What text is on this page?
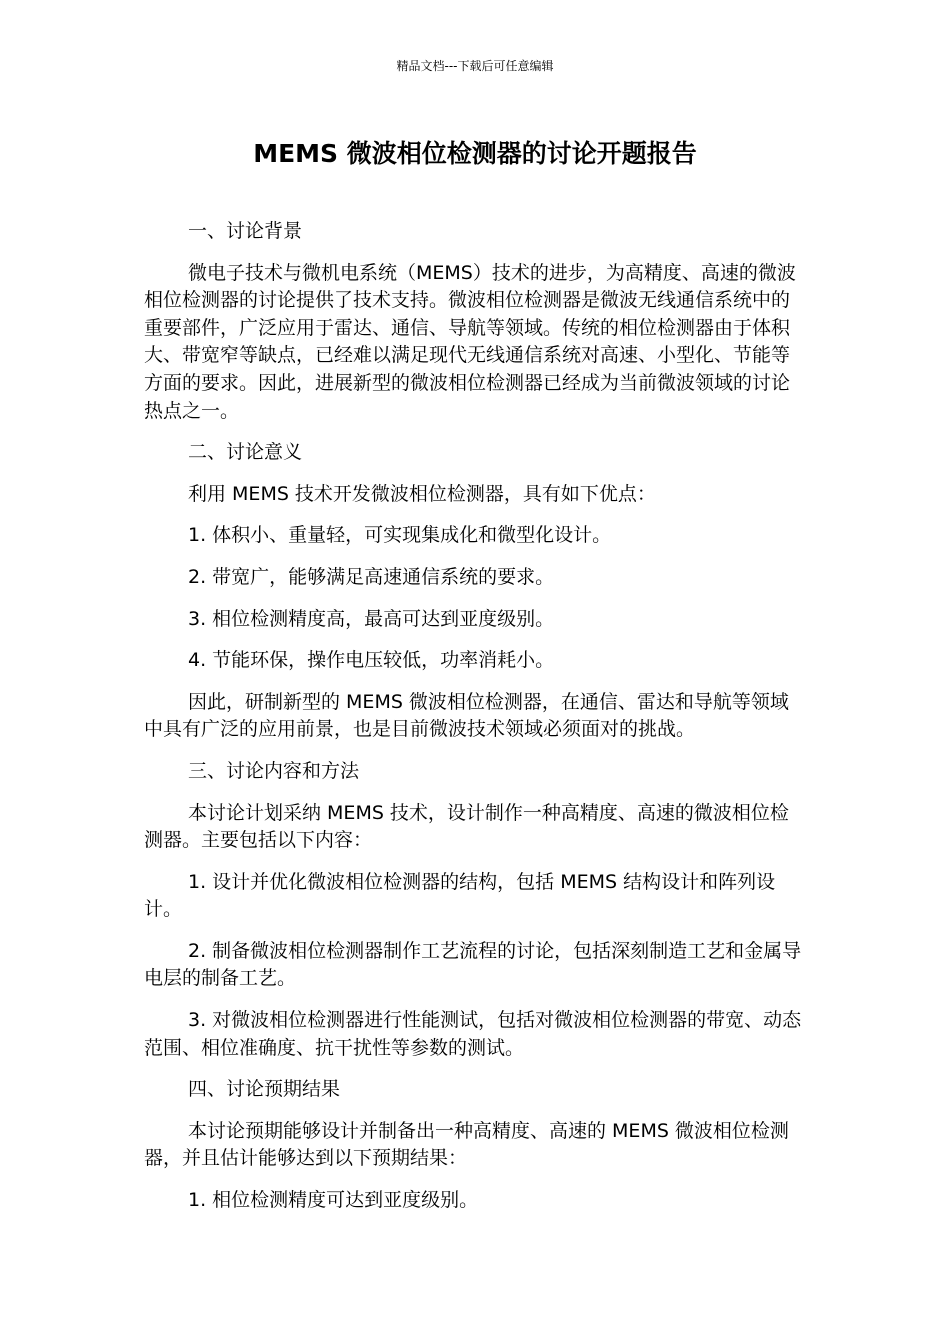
精品文档---下载后可任意编辑
MEMS 微波相位检测器的讨论开题报告

一、讨论背景

微电子技术与微机电系统（MEMS）技术的进步，为高精度、高速的微波相位检测器的讨论提供了技术支持。微波相位检测器是微波无线通信系统中的重要部件，广泛应用于雷达、通信、导航等领域。传统的相位检测器由于体积大、带宽窄等缺点，已经难以满足现代无线通信系统对高速、小型化、节能等方面的要求。因此，进展新型的微波相位检测器已经成为当前微波领域的讨论热点之一。

二、讨论意义

利用 MEMS 技术开发微波相位检测器，具有如下优点：

1. 体积小、重量轻，可实现集成化和微型化设计。

2. 带宽广，能够满足高速通信系统的要求。

3. 相位检测精度高，最高可达到亚度级别。

4. 节能环保，操作电压较低，功率消耗小。

因此，研制新型的 MEMS 微波相位检测器，在通信、雷达和导航等领域中具有广泛的应用前景，也是目前微波技术领域必须面对的挑战。

三、讨论内容和方法

本讨论计划采纳 MEMS 技术，设计制作一种高精度、高速的微波相位检测器。主要包括以下内容：

1. 设计并优化微波相位检测器的结构，包括 MEMS 结构设计和阵列设计。

2. 制备微波相位检测器制作工艺流程的讨论，包括深刻制造工艺和金属导电层的制备工艺。

3. 对微波相位检测器进行性能测试，包括对微波相位检测器的带宽、动态范围、相位准确度、抗干扰性等参数的测试。

四、讨论预期结果

本讨论预期能够设计并制备出一种高精度、高速的 MEMS 微波相位检测器，并且估计能够达到以下预期结果：

1. 相位检测精度可达到亚度级别。
